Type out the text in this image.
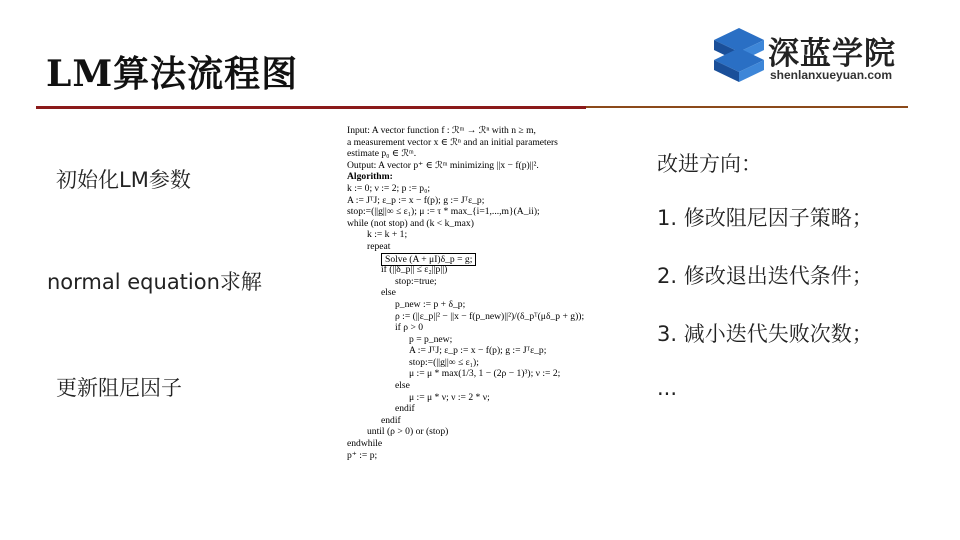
LM算法流程图	深蓝学院
shenlanxueyuan.com
初始化LM参数
normal equation求解
更新阻尼因子
Input: A vector function f : ℛᵐ → ℛⁿ with n ≥ m,
a measurement vector x ∈ ℛⁿ and an initial parameters
estimate p₀ ∈ ℛᵐ.
Output: A vector p⁺ ∈ ℛᵐ minimizing ||x − f(p)||².
Algorithm:
k := 0; ν := 2; p := p₀;
A := JᵀJ; ε_p := x − f(p); g := Jᵀε_p;
stop:=(||g||∞ ≤ ε₁); μ := τ * max_{i=1,...,m}(A_ii);
while (not stop) and (k < k_max)
k := k + 1;
repeat
Solve (A + μI)δ_p = g;
if (||δ_p|| ≤ ε₂||p||)
stop:=true;
else
p_new := p + δ_p;
ρ := (||ε_p||² − ||x − f(p_new)||²)/(δ_pᵀ(μδ_p + g));
if ρ > 0
p = p_new;
A := JᵀJ; ε_p := x − f(p); g := Jᵀε_p;
stop:=(||g||∞ ≤ ε₁);
μ := μ * max(1/3, 1 − (2ρ − 1)³); ν := 2;
else
μ := μ * ν; ν := 2 * ν;
endif
endif
until (ρ > 0) or (stop)
endwhile
p⁺ := p;
改进方向：
1. 修改阻尼因子策略；
2. 修改退出迭代条件；
3. 减小迭代失败次数；
...
